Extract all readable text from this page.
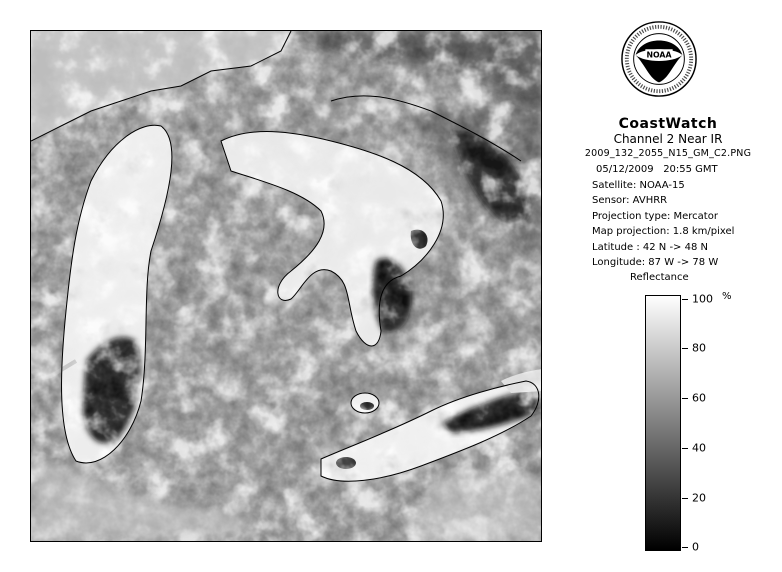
NOAA
CoastWatch
Channel 2 Near IR
2009_132_2055_N15_GM_C2.PNG
05/12/2009 20:55 GMT
Satellite: NOAA-15
Sensor: AVHRR
Projection type: Mercator
Map projection: 1.8 km/pixel
Latitude : 42 N -> 48 N
Longitude: 87 W -> 78 W
Reflectance
%
100
80
60
40
20
0
